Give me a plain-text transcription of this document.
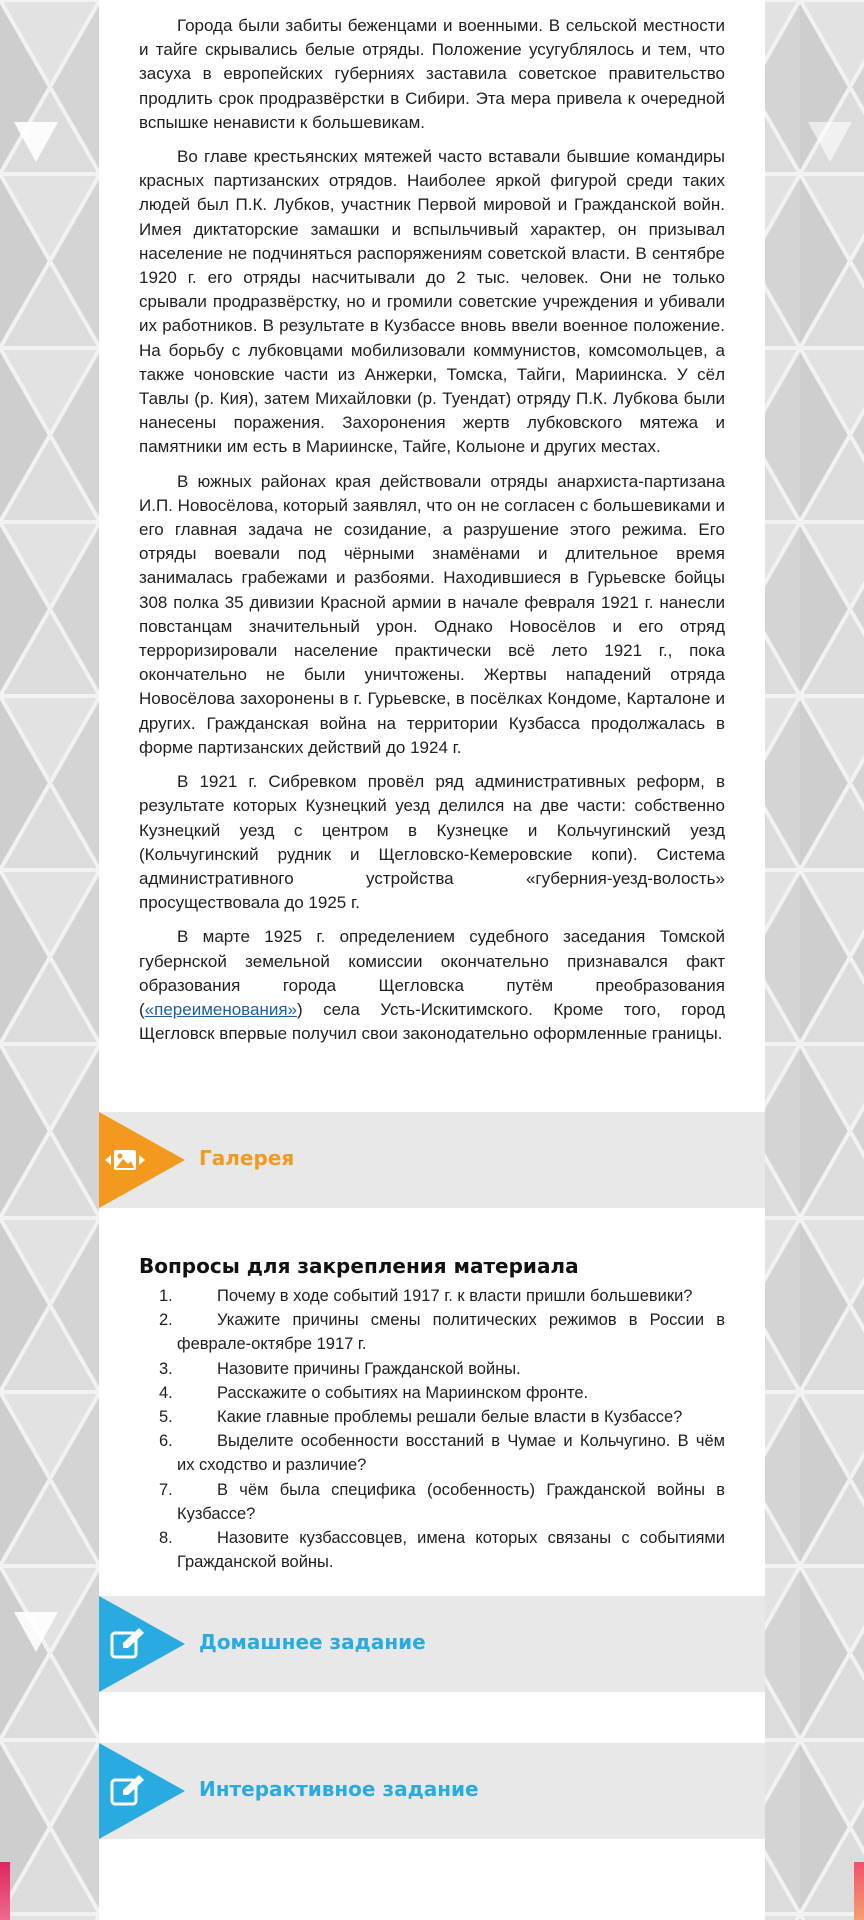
Города были забиты беженцами и военными. В сельской местности и тайге скрывались белые отряды. Положение усугублялось и тем, что засуха в европейских губерниях заставила советское правительство продлить срок продразвёрстки в Сибири. Эта мера привела к очередной вспышке ненависти к большевикам.

Во главе крестьянских мятежей часто вставали бывшие командиры красных партизанских отрядов. Наиболее яркой фигурой среди таких людей был П.К. Лубков, участник Первой мировой и Гражданской войн. Имея диктаторские замашки и вспыльчивый характер, он призывал население не подчиняться распоряжениям советской власти. В сентябре 1920 г. его отряды насчитывали до 2 тыс. человек. Они не только срывали продразвёрстку, но и громили советские учреждения и убивали их работников. В результате в Кузбассе вновь ввели военное положение. На борьбу с лубковцами мобилизовали коммунистов, комсомольцев, а также чоновские части из Анжерки, Томска, Тайги, Мариинска. У сёл Тавлы (р. Кия), затем Михайловки (р. Туендат) отряду П.К. Лубкова были нанесены поражения. Захоронения жертв лубковского мятежа и памятники им есть в Мариинске, Тайге, Колыоне и других местах.

В южных районах края действовали отряды анархиста-партизана И.П. Новосёлова, который заявлял, что он не согласен с большевиками и его главная задача не созидание, а разрушение этого режима. Его отряды воевали под чёрными знамёнами и длительное время занималась грабежами и разбоями. Находившиеся в Гурьевске бойцы 308 полка 35 дивизии Красной армии в начале февраля 1921 г. нанесли повстанцам значительный урон. Однако Новосёлов и его отряд терроризировали население практически всё лето 1921 г., пока окончательно не были уничтожены. Жертвы нападений отряда Новосёлова захоронены в г. Гурьевске, в посёлках Кондоме, Карталоне и других. Гражданская война на территории Кузбасса продолжалась в форме партизанских действий до 1924 г.

В 1921 г. Сибревком провёл ряд административных реформ, в результате которых Кузнецкий уезд делился на две части: собственно Кузнецкий уезд с центром в Кузнецке и Кольчугинский уезд (Кольчугинский рудник и Щегловско-Кемеровские копи). Система административного устройства «губерния-уезд-волость» просуществовала до 1925 г.

В марте 1925 г. определением судебного заседания Томской губернской земельной комиссии окончательно признавался факт образования города Щегловска путём преобразования («переименования») села Усть-Искитимского. Кроме того, город Щегловск впервые получил свои законодательно оформленные границы.

Галерея
Вопросы для закрепления материала
1.	Почему в ходе событий 1917 г. к власти пришли большевики?
2.	Укажите причины смены политических режимов в России в феврале-октябре 1917 г.
3.	Назовите причины Гражданской войны.
4.	Расскажите о событиях на Мариинском фронте.
5.	Какие главные проблемы решали белые власти в Кузбассе?
6.	Выделите особенности восстаний в Чумае и Кольчугино. В чём их сходство и различие?
7.	В чём была специфика (особенность) Гражданской войны в Кузбассе?
8.	Назовите кузбассовцев, имена которых связаны с событиями Гражданской войны.
Домашнее задание
Интерактивное задание
